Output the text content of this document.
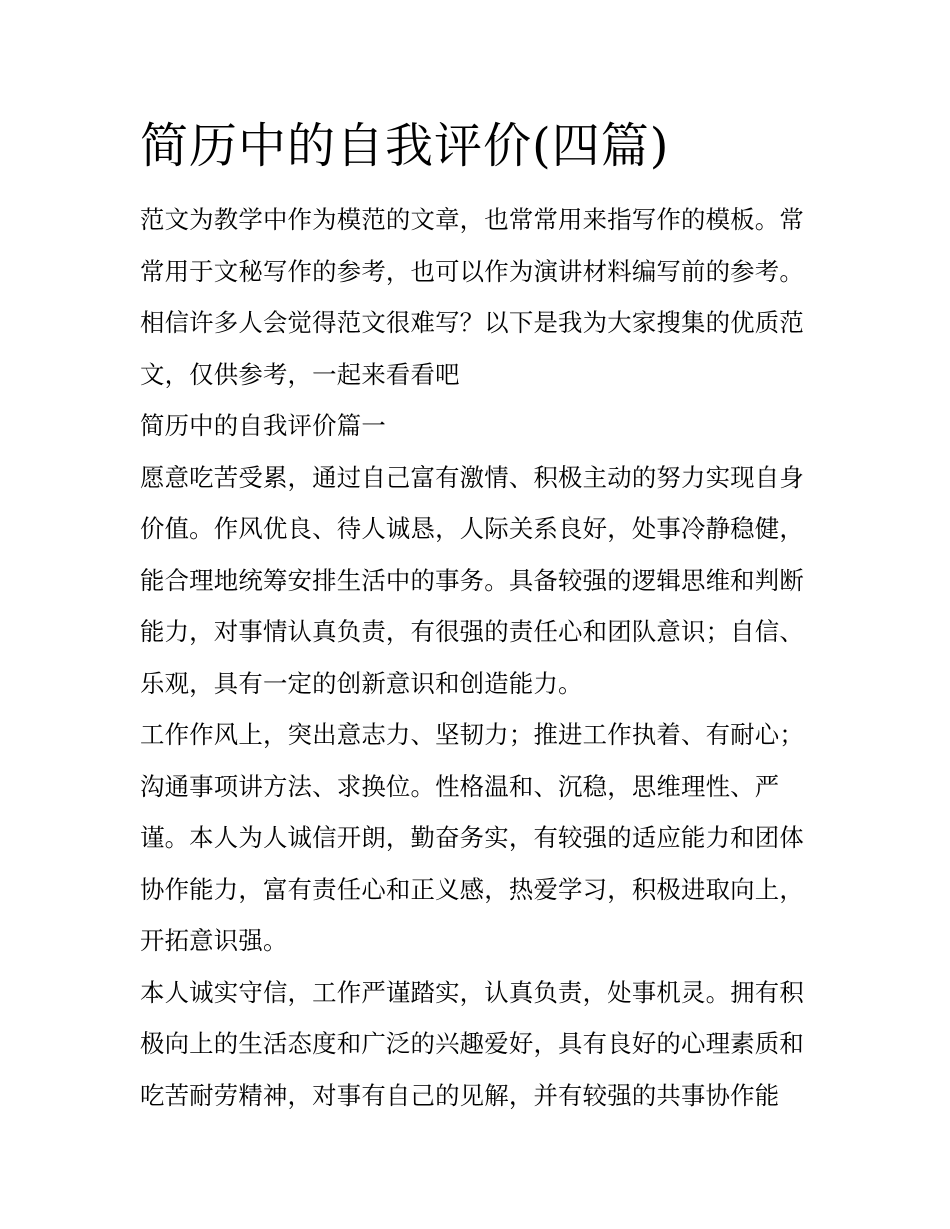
简历中的自我评价(四篇)

范文为教学中作为模范的文章，也常常用来指写作的模板。常
常用于文秘写作的参考，也可以作为演讲材料编写前的参考。
相信许多人会觉得范文很难写？以下是我为大家搜集的优质范
文，仅供参考，一起来看看吧

简历中的自我评价篇一

愿意吃苦受累，通过自己富有激情、积极主动的努力实现自身
价值。作风优良、待人诚恳，人际关系良好，处事冷静稳健，
能合理地统筹安排生活中的事务。具备较强的逻辑思维和判断
能力，对事情认真负责，有很强的责任心和团队意识；自信、
乐观，具有一定的创新意识和创造能力。

工作作风上，突出意志力、坚韧力；推进工作执着、有耐心；
沟通事项讲方法、求换位。性格温和、沉稳，思维理性、严
谨。本人为人诚信开朗，勤奋务实，有较强的适应能力和团体
协作能力，富有责任心和正义感，热爱学习，积极进取向上，
开拓意识强。

本人诚实守信，工作严谨踏实，认真负责，处事机灵。拥有积
极向上的生活态度和广泛的兴趣爱好，具有良好的心理素质和
吃苦耐劳精神，对事有自己的见解，并有较强的共事协作能
